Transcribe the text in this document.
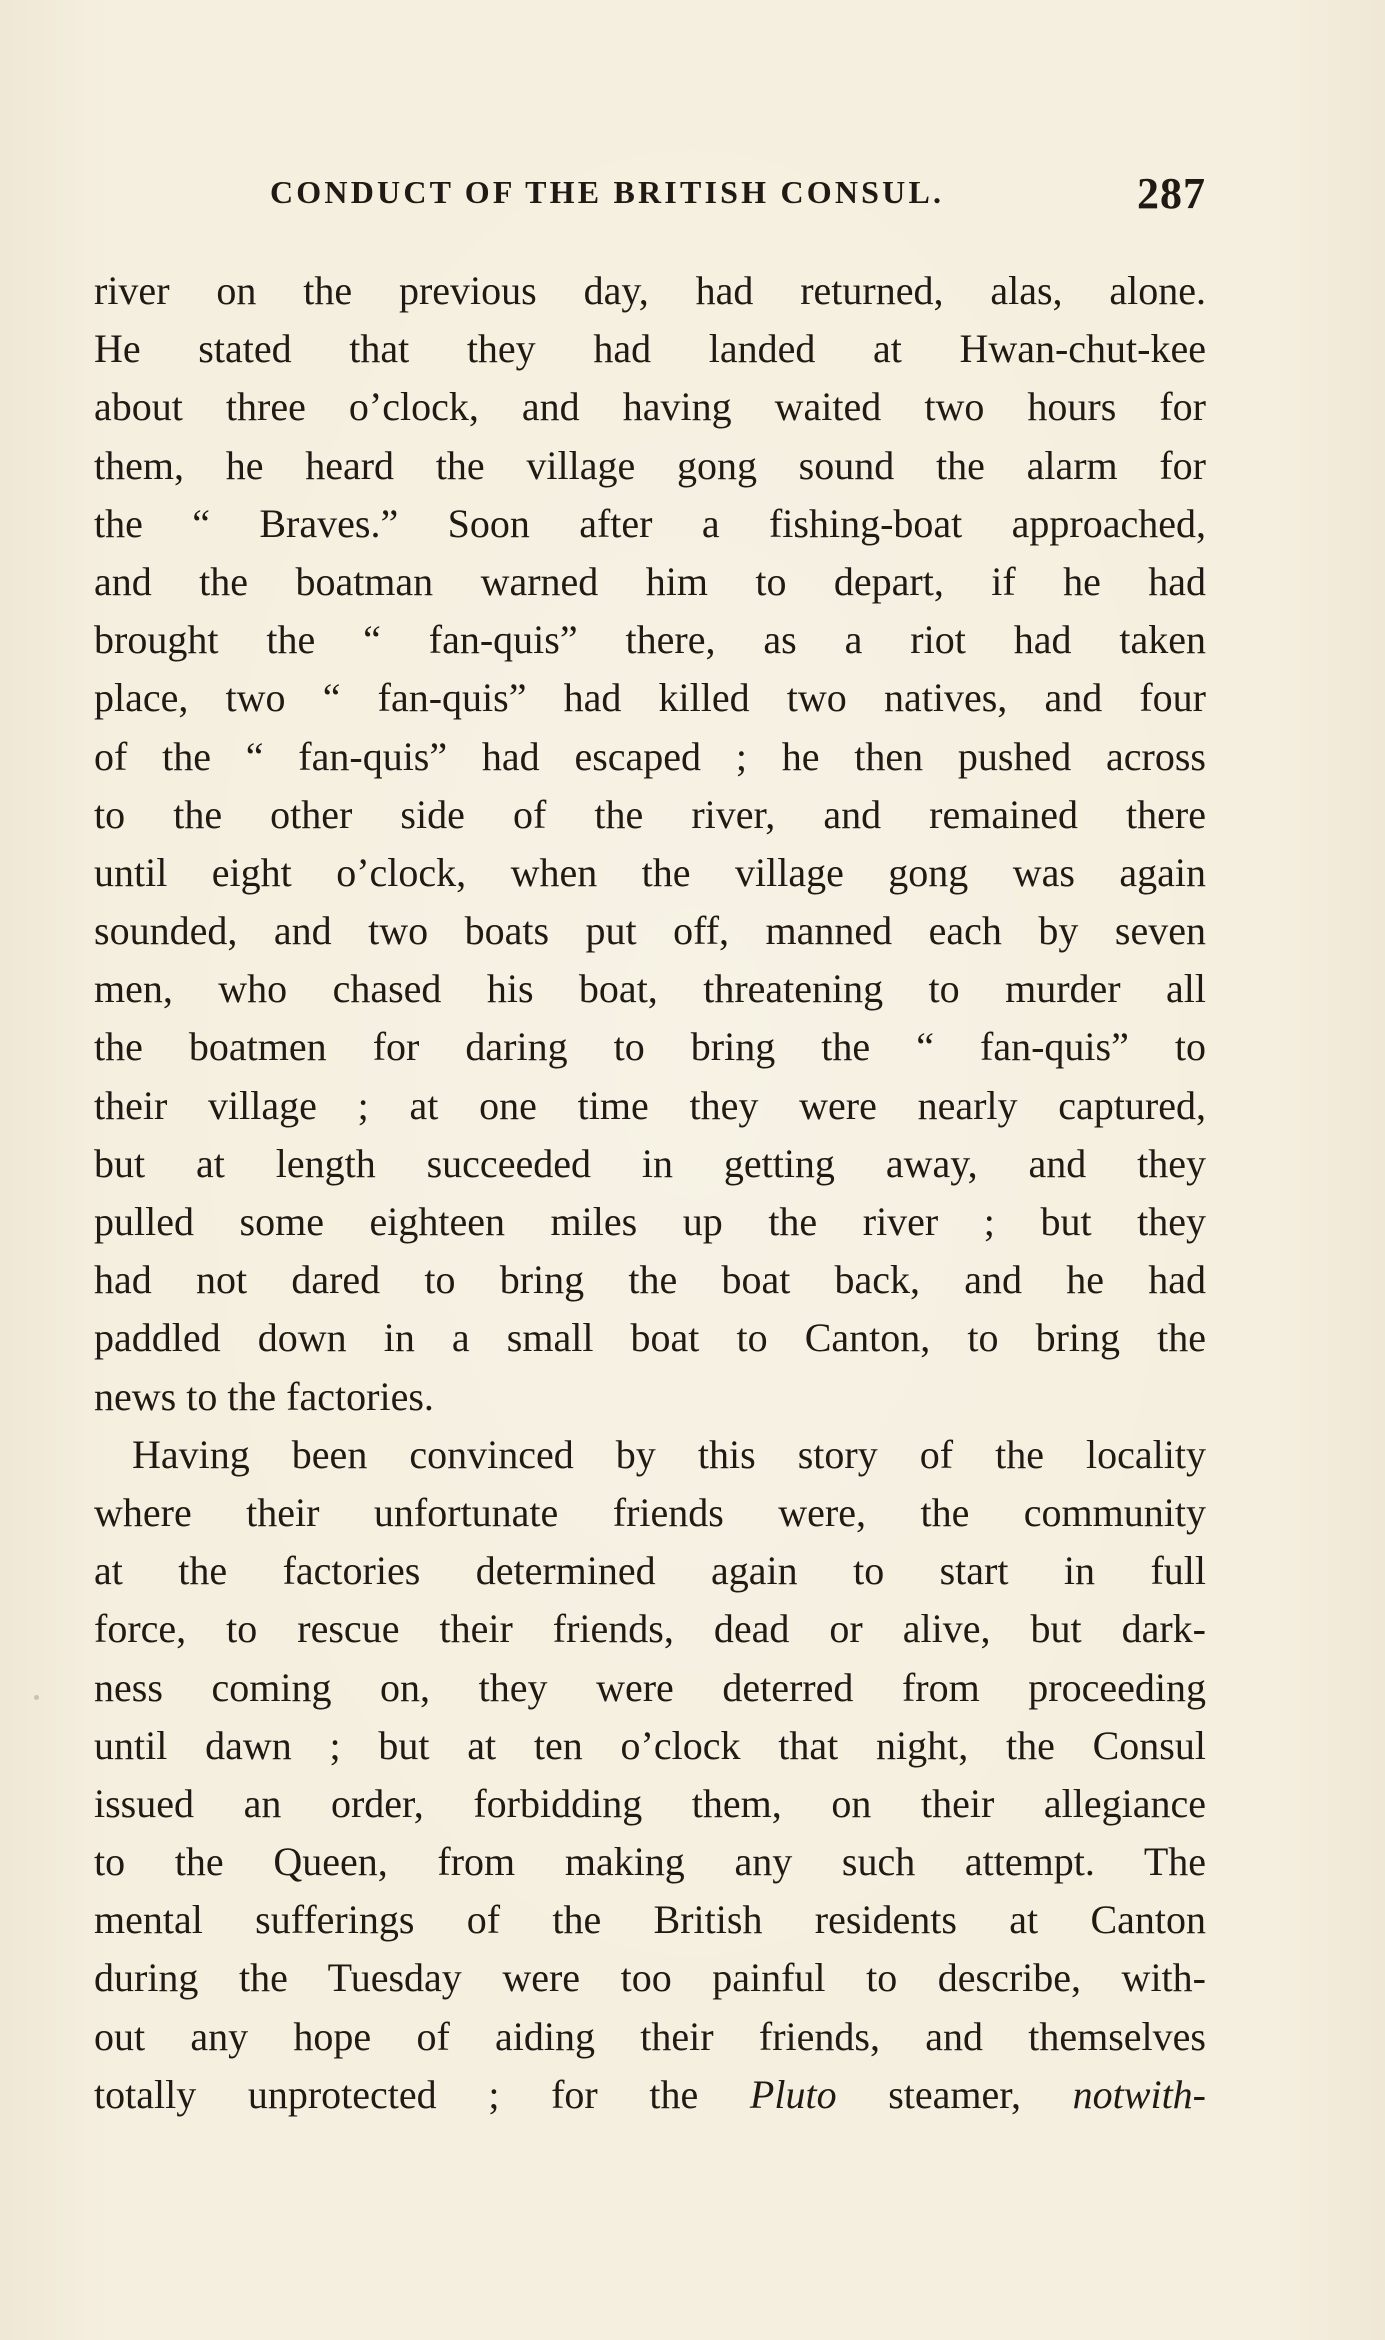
CONDUCT OF THE BRITISH CONSUL.	287
river on the previous day, had returned, alas, alone.
He stated that they had landed at Hwan-chut-kee
about three o’clock, and having waited two hours for
them, he heard the village gong sound the alarm for
the “ Braves.” Soon after a fishing-boat approached,
and the boatman warned him to depart, if he had
brought the “ fan-quis” there, as a riot had taken
place, two “ fan-quis” had killed two natives, and four
of the “ fan-quis” had escaped ; he then pushed across
to the other side of the river, and remained there
until eight o’clock, when the village gong was again
sounded, and two boats put off, manned each by seven
men, who chased his boat, threatening to murder all
the boatmen for daring to bring the “ fan-quis” to
their village ; at one time they were nearly captured,
but at length succeeded in getting away, and they
pulled some eighteen miles up the river ; but they
had not dared to bring the boat back, and he had
paddled down in a small boat to Canton, to bring the
news to the factories.
Having been convinced by this story of the locality
where their unfortunate friends were, the community
at the factories determined again to start in full
force, to rescue their friends, dead or alive, but dark-
ness coming on, they were deterred from proceeding
until dawn ; but at ten o’clock that night, the Consul
issued an order, forbidding them, on their allegiance
to the Queen, from making any such attempt. The
mental sufferings of the British residents at Canton
during the Tuesday were too painful to describe, with-
out any hope of aiding their friends, and themselves
totally unprotected ; for the Pluto steamer, notwith-
